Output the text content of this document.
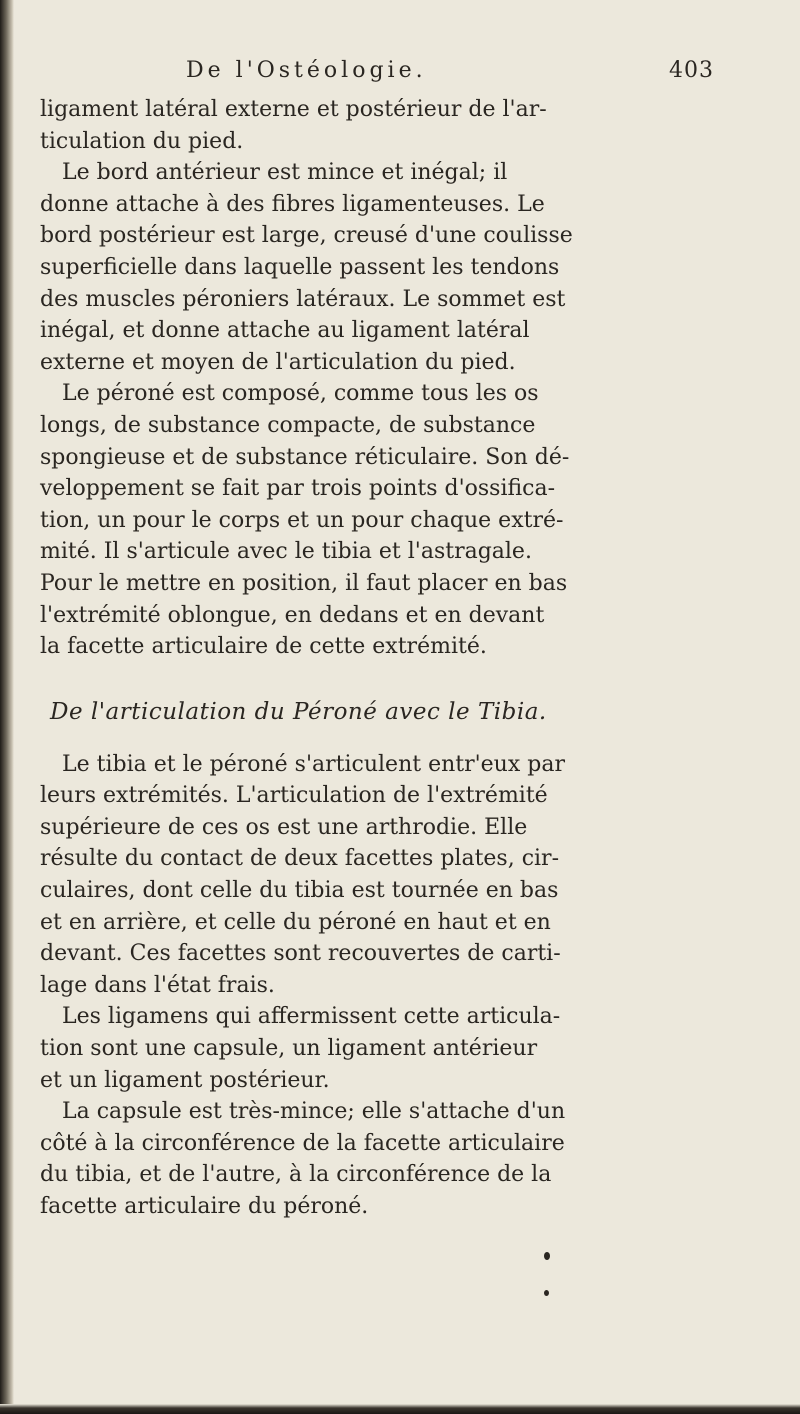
De l'Ostéologie.	403

ligament latéral externe et postérieur de l'ar-
ticulation du pied.

Le bord antérieur est mince et inégal; il
donne attache à des fibres ligamenteuses. Le
bord postérieur est large, creusé d'une coulisse
superficielle dans laquelle passent les tendons
des muscles péroniers latéraux. Le sommet est
inégal, et donne attache au ligament latéral
externe et moyen de l'articulation du pied.

Le péroné est composé, comme tous les os
longs, de substance compacte, de substance
spongieuse et de substance réticulaire. Son dé-
veloppement se fait par trois points d'ossifica-
tion, un pour le corps et un pour chaque extré-
mité. Il s'articule avec le tibia et l'astragale.
Pour le mettre en position, il faut placer en bas
l'extrémité oblongue, en dedans et en devant
la facette articulaire de cette extrémité.

De l'articulation du Péroné avec le Tibia.

Le tibia et le péroné s'articulent entr'eux par
leurs extrémités. L'articulation de l'extrémité
supérieure de ces os est une arthrodie. Elle
résulte du contact de deux facettes plates, cir-
culaires, dont celle du tibia est tournée en bas
et en arrière, et celle du péroné en haut et en
devant. Ces facettes sont recouvertes de carti-
lage dans l'état frais.

Les ligamens qui affermissent cette articula-
tion sont une capsule, un ligament antérieur
et un ligament postérieur.

La capsule est très-mince; elle s'attache d'un
côté à la circonférence de la facette articulaire
du tibia, et de l'autre, à la circonférence de la
facette articulaire du péroné.
